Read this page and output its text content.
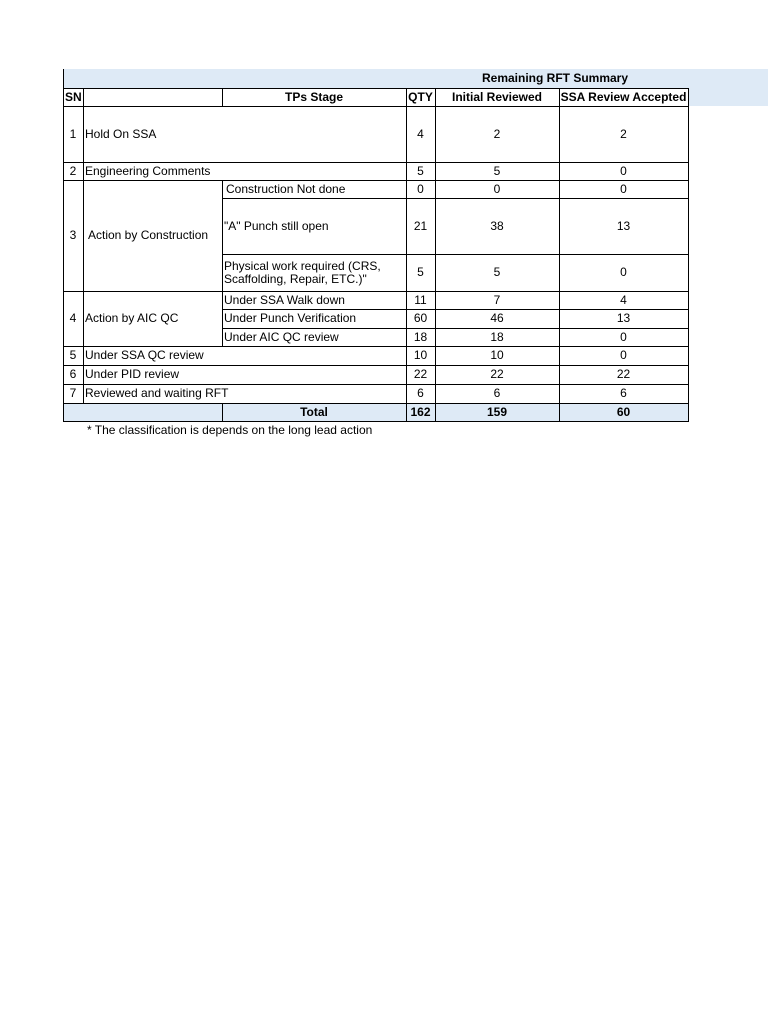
Remaining RFT Summary
SN	TPs Stage	QTY	Initial Reviewed	SSA Review Accepted
1 Hold On SSA	4	2	2
2 Engineering Comments	5	5	0
3 Action by Construction
Construction Not done	0	0	0
"A" Punch still open	21	38	13
Physical work required (CRS, Scaffolding, Repair, ETC.)"	5	5	0
4 Action by AIC QC
Under SSA Walk down	11	7	4
Under Punch Verification	60	46	13
Under AIC QC review	18	18	0
5 Under SSA QC review	10	10	0
6 Under PID review	22	22	22
7 Reviewed and waiting RFT	6	6	6
Total	162	159	60
* The classification is depends on the long lead action
